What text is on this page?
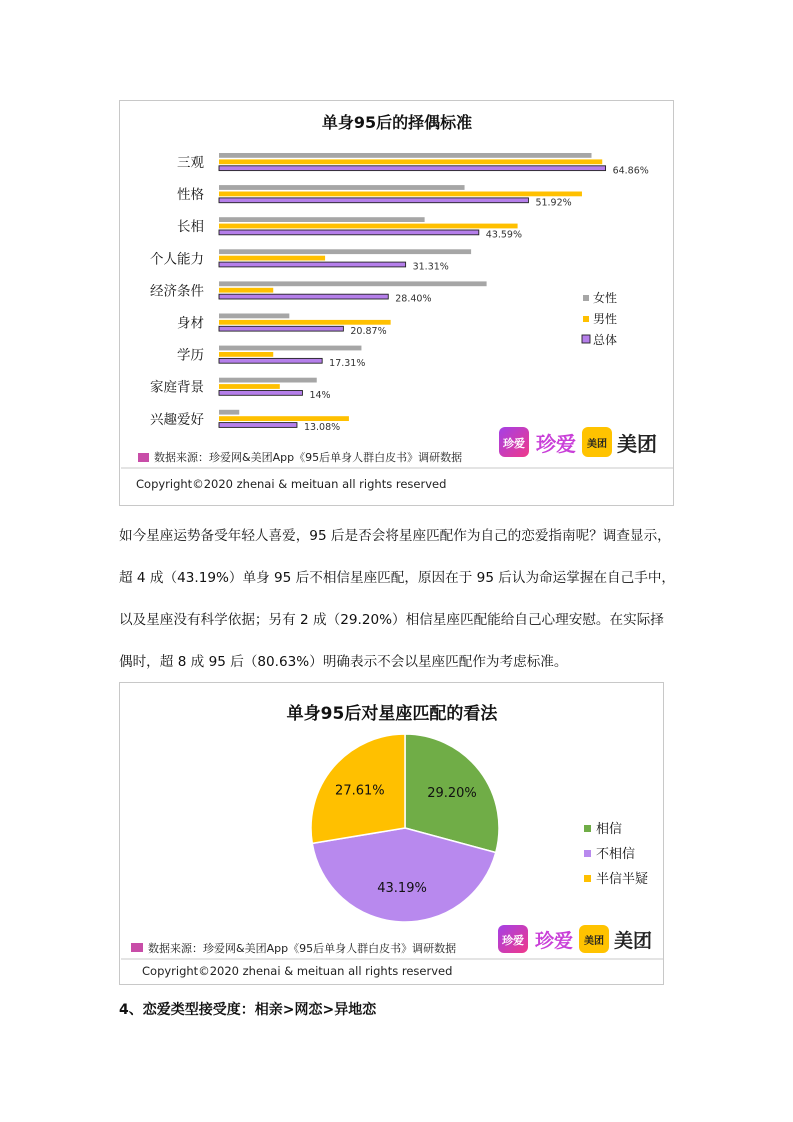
单身95后的择偶标准
三观
性格
长相
个人能力
经济条件
身材
学历
家庭背景
兴趣爱好
64.86%
51.92%
43.59%
31.31%
28.40%
20.87%
17.31%
14%
13.08%
女性
男性
总体
珍爱 珍爱 美团 美团
数据来源：珍爱网&美团App《95后单身人群白皮书》调研数据
Copyright©2020 zhenai & meituan all rights reserved
如今星座运势备受年轻人喜爱，95 后是否会将星座匹配作为自己的恋爱指南呢？调查显示，
超 4 成（43.19%）单身 95 后不相信星座匹配，原因在于 95 后认为命运掌握在自己手中，
以及星座没有科学依据；另有 2 成（29.20%）相信星座匹配能给自己心理安慰。在实际择
偶时，超 8 成 95 后（80.63%）明确表示不会以星座匹配作为考虑标准。
单身95后对星座匹配的看法
29.20%
43.19%
27.61%
相信
不相信
半信半疑
珍爱 珍爱 美团 美团
数据来源：珍爱网&美团App《95后单身人群白皮书》调研数据
Copyright©2020 zhenai & meituan all rights reserved
4、恋爱类型接受度：相亲>网恋>异地恋
